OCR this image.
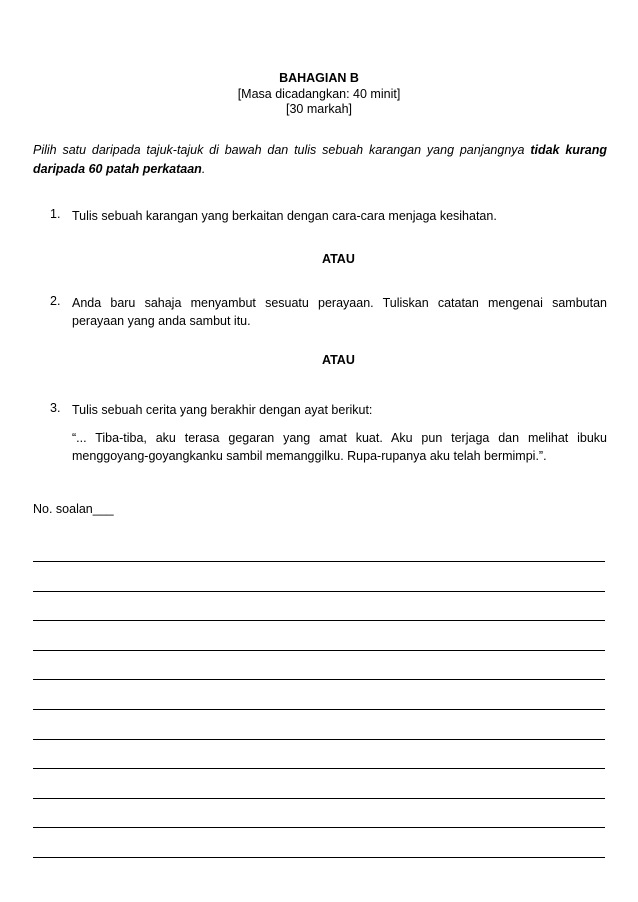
BAHAGIAN B
[Masa dicadangkan: 40 minit]
[30 markah]
Pilih satu daripada tajuk-tajuk di bawah dan tulis sebuah karangan yang panjangnya tidak kurang daripada 60 patah perkataan.
1. Tulis sebuah karangan yang berkaitan dengan cara-cara menjaga kesihatan.
ATAU
2. Anda baru sahaja menyambut sesuatu perayaan. Tuliskan catatan mengenai sambutan perayaan yang anda sambut itu.
ATAU
3. Tulis sebuah cerita yang berakhir dengan ayat berikut:
“... Tiba-tiba, aku terasa gegaran yang amat kuat. Aku pun terjaga dan melihat ibuku menggoyang-goyangkanku sambil memanggilku. Rupa-rupanya aku telah bermimpi.”.
No. soalan___
